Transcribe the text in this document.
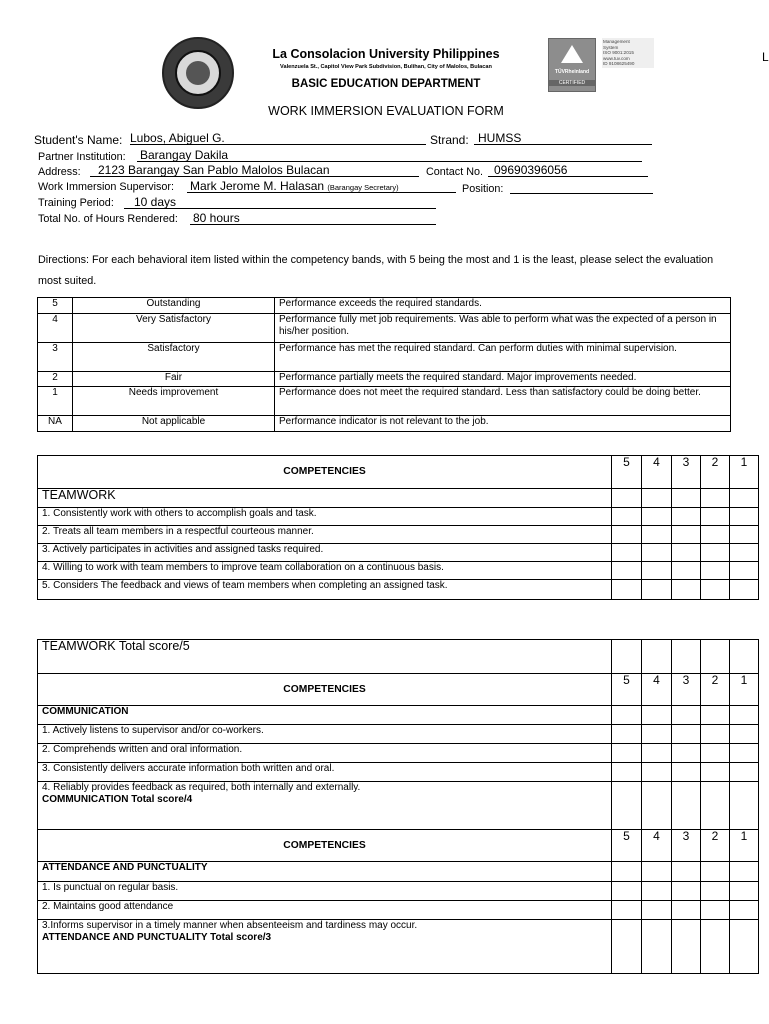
La Consolacion University Philippines
Valenzuela St., Capitol View Park Subdivision, Bulihan, City of Malolos, Bulacan
BASIC EDUCATION DEPARTMENT
WORK IMMERSION EVALUATION FORM
TÜVRheinland
CERTIFIED
Management
System
ISO 9001:2015
www.tuv.com
ID 9108625490	L
Student's Name: Lubos, Abiguel G.	Strand: HUMSS
Partner Institution: Barangay Dakila
Address: 2123 Barangay San Pablo Malolos Bulacan	Contact No. 09690396056
Work Immersion Supervisor: Mark Jerome M. Halasan (Barangay Secretary)	Position:
Training Period: 10 days
Total No. of Hours Rendered: 80 hours
Directions: For each behavioral item listed within the competency bands, with 5 being the most and 1 is the least, please select the evaluation most suited.
5	Outstanding	Performance exceeds the required standards.
4	Very Satisfactory	Performance fully met job requirements. Was able to perform what was the expected of a person in his/her position.
3	Satisfactory	Performance has met the required standard. Can perform duties with minimal supervision.
2	Fair	Performance partially meets the required standard. Major improvements needed.
1	Needs improvement	Performance does not meet the required standard. Less than satisfactory could be doing better.
NA	Not applicable	Performance indicator is not relevant to the job.
COMPETENCIES	5	4	3	2	1
TEAMWORK					
1. Consistently work with others to accomplish goals and task.					
2. Treats all team members in a respectful courteous manner.					
3. Actively participates in activities and assigned tasks required.					
4. Willing to work with team members to improve team collaboration on a continuous basis.					
5. Considers The feedback and views of team members when completing an assigned task.					
TEAMWORK Total score/5					
COMPETENCIES	5	4	3	2	1
COMMUNICATION					
1. Actively listens to supervisor and/or co-workers.					
2. Comprehends written and oral information.					
3. Consistently delivers accurate information both written and oral.					

4. Reliably provides feedback as required, both internally and externally.
COMMUNICATION Total score/4					

COMPETENCIES	5	4	3	2	1
ATTENDANCE AND PUNCTUALITY					
1. Is punctual on regular basis.					
2. Maintains good attendance					

3.Informs supervisor in a timely manner when absenteeism and tardiness may occur.
ATTENDANCE AND PUNCTUALITY Total score/3					
